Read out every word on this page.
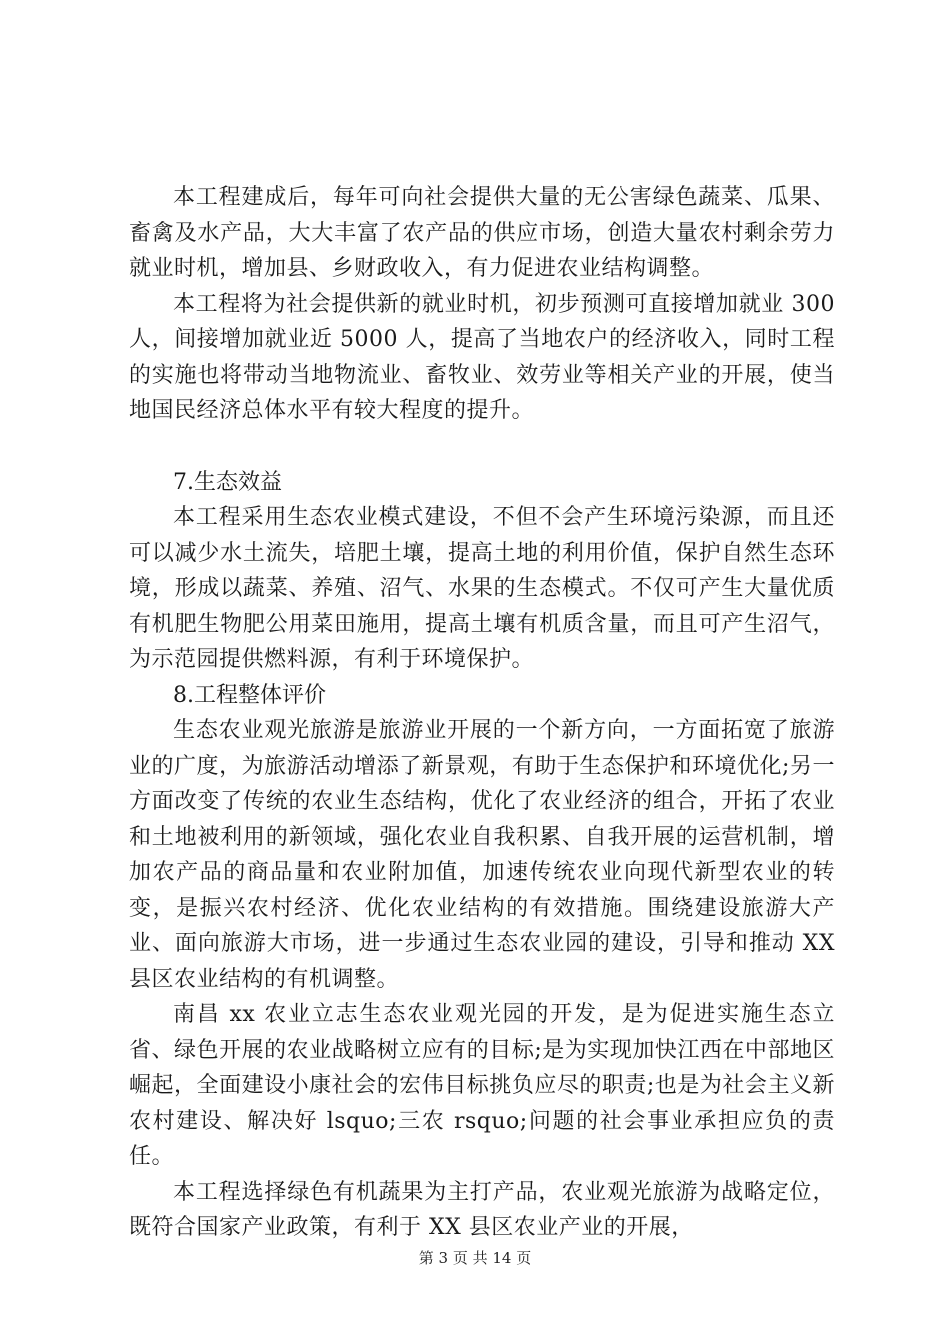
本工程建成后，每年可向社会提供大量的无公害绿色蔬菜、瓜果、畜禽及水产品，大大丰富了农产品的供应市场，创造大量农村剩余劳力就业时机，增加县、乡财政收入，有力促进农业结构调整。

本工程将为社会提供新的就业时机，初步预测可直接增加就业 300 人，间接增加就业近 5000 人，提高了当地农户的经济收入，同时工程的实施也将带动当地物流业、畜牧业、效劳业等相关产业的开展，使当地国民经济总体水平有较大程度的提升。

7.生态效益

本工程采用生态农业模式建设，不但不会产生环境污染源，而且还可以减少水土流失，培肥土壤，提高土地的利用价值，保护自然生态环境，形成以蔬菜、养殖、沼气、水果的生态模式。不仅可产生大量优质有机肥生物肥公用菜田施用，提高土壤有机质含量，而且可产生沼气，为示范园提供燃料源，有利于环境保护。

8.工程整体评价

生态农业观光旅游是旅游业开展的一个新方向，一方面拓宽了旅游业的广度，为旅游活动增添了新景观，有助于生态保护和环境优化;另一方面改变了传统的农业生态结构，优化了农业经济的组合，开拓了农业和土地被利用的新领域，强化农业自我积累、自我开展的运营机制，增加农产品的商品量和农业附加值，加速传统农业向现代新型农业的转变，是振兴农村经济、优化农业结构的有效措施。围绕建设旅游大产业、面向旅游大市场，进一步通过生态农业园的建设，引导和推动 XX 县区农业结构的有机调整。

南昌 xx 农业立志生态农业观光园的开发，是为促进实施生态立省、绿色开展的农业战略树立应有的目标;是为实现加快江西在中部地区崛起，全面建设小康社会的宏伟目标挑负应尽的职责;也是为社会主义新农村建设、解决好 lsquo;三农 rsquo;问题的社会事业承担应负的责任。

本工程选择绿色有机蔬果为主打产品，农业观光旅游为战略定位，既符合国家产业政策，有利于 XX 县区农业产业的开展，

第 3 页 共 14 页
